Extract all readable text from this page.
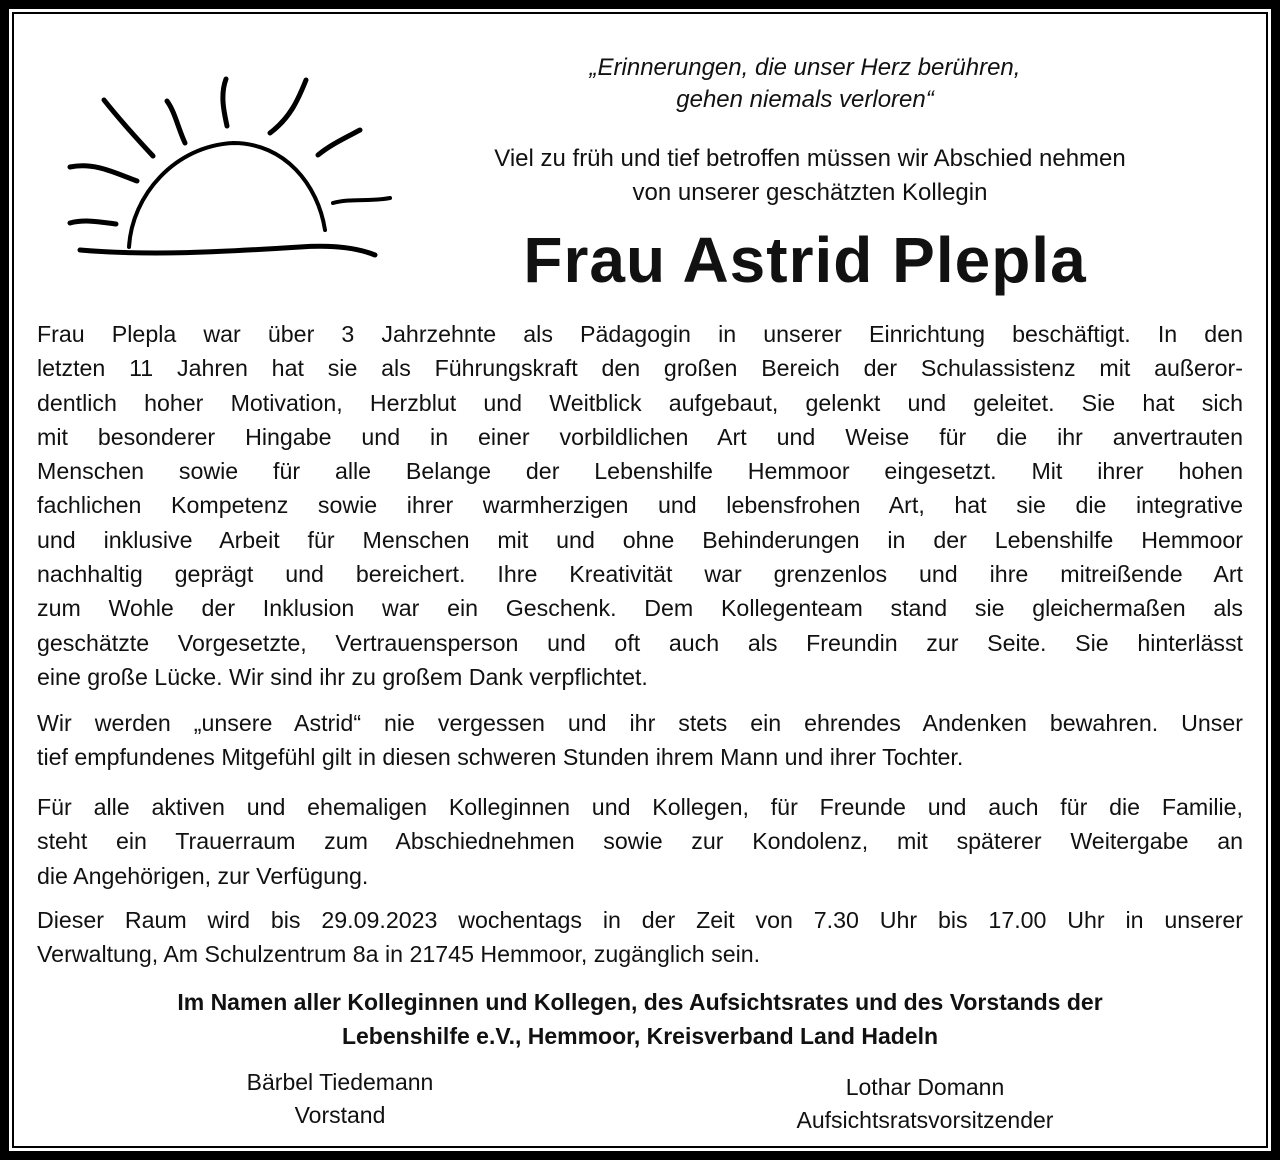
„Erinnerungen, die unser Herz berühren,
gehen niemals verloren“
Viel zu früh und tief betroffen müssen wir Abschied nehmen
von unserer geschätzten Kollegin
Frau Astrid Plepla
Frau Plepla war über 3 Jahrzehnte als Pädagogin in unserer Einrichtung beschäftigt. In den
letzten 11 Jahren hat sie als Führungskraft den großen Bereich der Schulassistenz mit außeror-
dentlich hoher Motivation, Herzblut und Weitblick aufgebaut, gelenkt und geleitet. Sie hat sich
mit besonderer Hingabe und in einer vorbildlichen Art und Weise für die ihr anvertrauten
Menschen sowie für alle Belange der Lebenshilfe Hemmoor eingesetzt. Mit ihrer hohen
fachlichen Kompetenz sowie ihrer warmherzigen und lebensfrohen Art, hat sie die integrative
und inklusive Arbeit für Menschen mit und ohne Behinderungen in der Lebenshilfe Hemmoor
nachhaltig geprägt und bereichert. Ihre Kreativität war grenzenlos und ihre mitreißende Art
zum Wohle der Inklusion war ein Geschenk. Dem Kollegenteam stand sie gleichermaßen als
geschätzte Vorgesetzte, Vertrauensperson und oft auch als Freundin zur Seite. Sie hinterlässt
eine große Lücke. Wir sind ihr zu großem Dank verpflichtet.
Wir werden „unsere Astrid“ nie vergessen und ihr stets ein ehrendes Andenken bewahren. Unser
tief empfundenes Mitgefühl gilt in diesen schweren Stunden ihrem Mann und ihrer Tochter.
Für alle aktiven und ehemaligen Kolleginnen und Kollegen, für Freunde und auch für die Familie,
steht ein Trauerraum zum Abschiednehmen sowie zur Kondolenz, mit späterer Weitergabe an
die Angehörigen, zur Verfügung.
Dieser Raum wird bis 29.09.2023 wochentags in der Zeit von 7.30 Uhr bis 17.00 Uhr in unserer
Verwaltung, Am Schulzentrum 8a in 21745 Hemmoor, zugänglich sein.
Im Namen aller Kolleginnen und Kollegen, des Aufsichtsrates und des Vorstands der
Lebenshilfe e.V., Hemmoor, Kreisverband Land Hadeln
Bärbel Tiedemann
Vorstand
Lothar Domann
Aufsichtsratsvorsitzender
